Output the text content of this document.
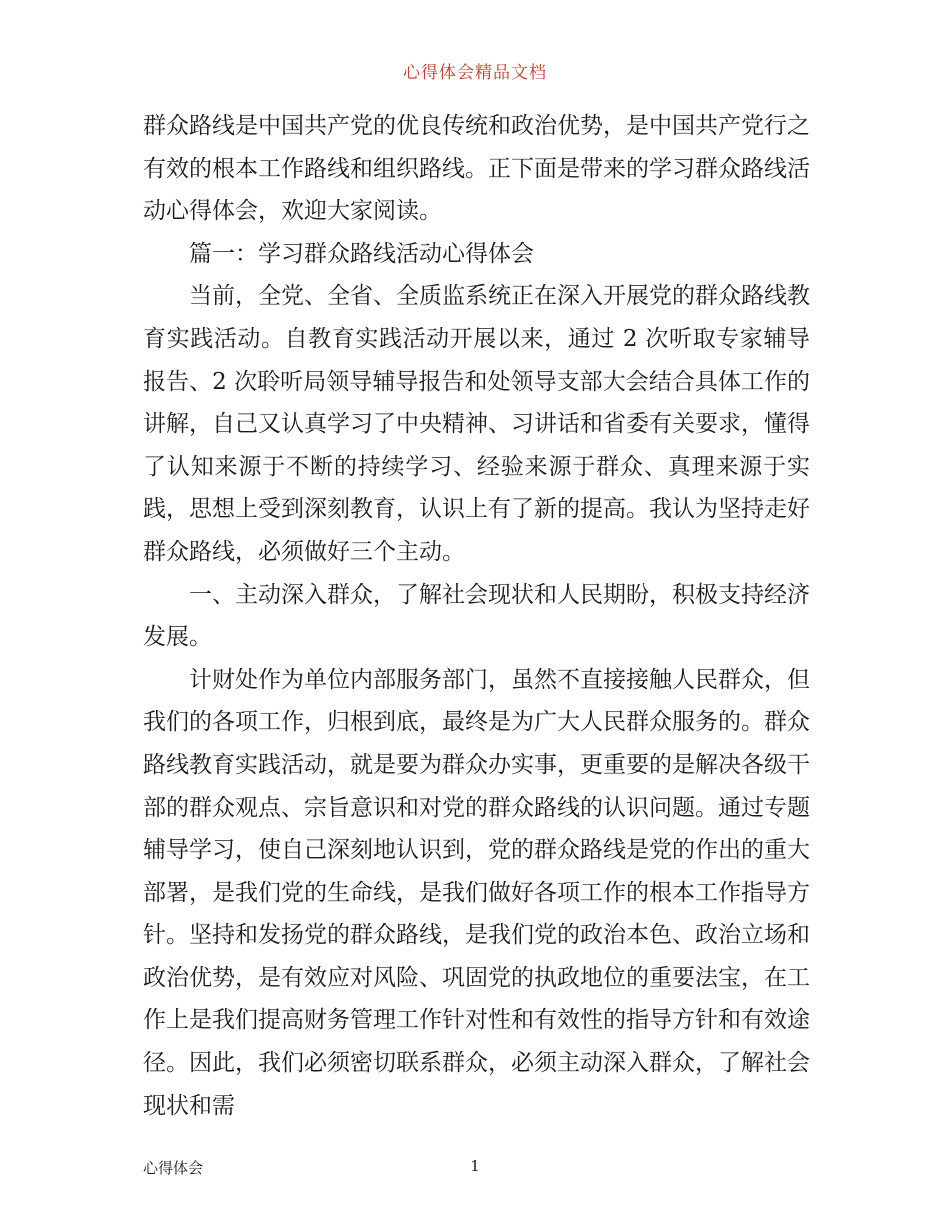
心得体会精品文档

群众路线是中国共产党的优良传统和政治优势，是中国共产党行之有效的根本工作路线和组织路线。正下面是带来的学习群众路线活动心得体会，欢迎大家阅读。

篇一：学习群众路线活动心得体会

当前，全党、全省、全质监系统正在深入开展党的群众路线教育实践活动。自教育实践活动开展以来，通过 2 次听取专家辅导报告、2 次聆听局领导辅导报告和处领导支部大会结合具体工作的讲解，自己又认真学习了中央精神、习讲话和省委有关要求，懂得了认知来源于不断的持续学习、经验来源于群众、真理来源于实践，思想上受到深刻教育，认识上有了新的提高。我认为坚持走好群众路线，必须做好三个主动。

一、主动深入群众，了解社会现状和人民期盼，积极支持经济发展。

计财处作为单位内部服务部门，虽然不直接接触人民群众，但我们的各项工作，归根到底，最终是为广大人民群众服务的。群众路线教育实践活动，就是要为群众办实事，更重要的是解决各级干部的群众观点、宗旨意识和对党的群众路线的认识问题。通过专题辅导学习，使自己深刻地认识到，党的群众路线是党的作出的重大部署，是我们党的生命线，是我们做好各项工作的根本工作指导方针。坚持和发扬党的群众路线，是我们党的政治本色、政治立场和政治优势，是有效应对风险、巩固党的执政地位的重要法宝，在工作上是我们提高财务管理工作针对性和有效性的指导方针和有效途径。因此，我们必须密切联系群众，必须主动深入群众，了解社会现状和需

心得体会	1
